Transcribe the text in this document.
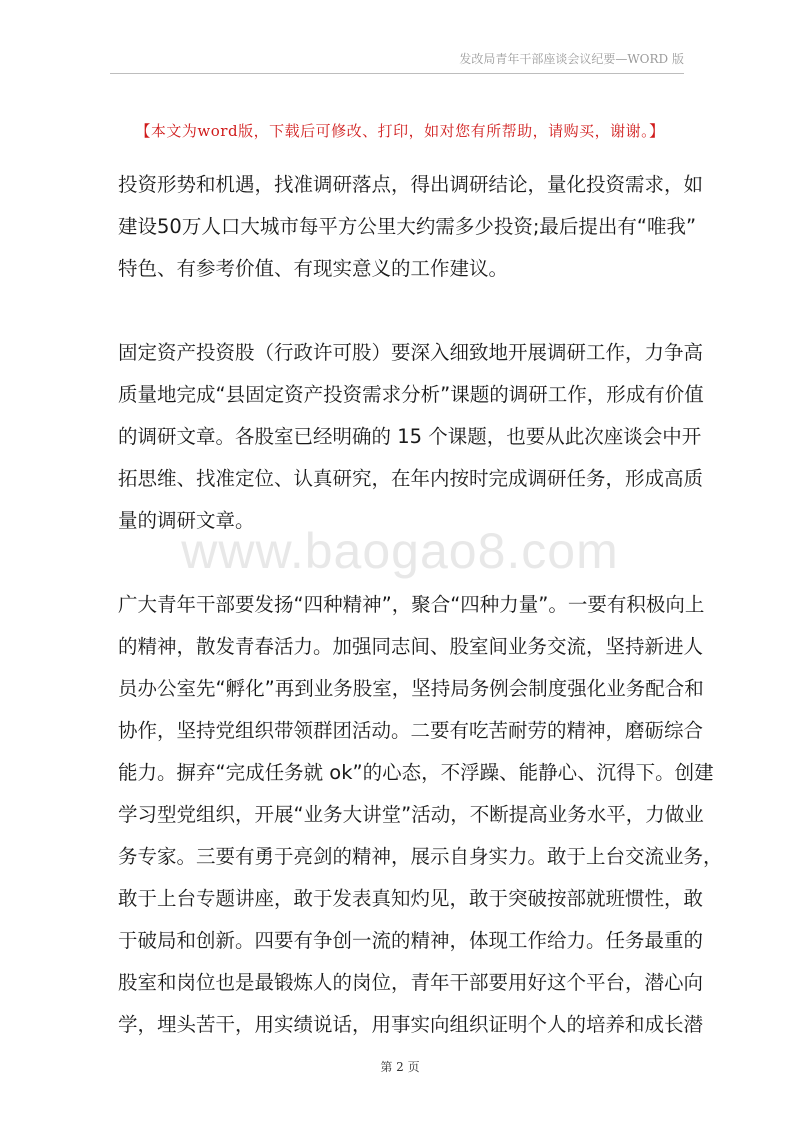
发改局青年干部座谈会议纪要—WORD 版
【本文为word版，下载后可修改、打印，如对您有所帮助，请购买，谢谢。】
www.baogao8.com

投资形势和机遇，找准调研落点，得出调研结论，量化投资需求，如
建设50万人口大城市每平方公里大约需多少投资;最后提出有“唯我”
特色、有参考价值、有现实意义的工作建议。

固定资产投资股（行政许可股）要深入细致地开展调研工作，力争高
质量地完成“县固定资产投资需求分析”课题的调研工作，形成有价值
的调研文章。各股室已经明确的 15 个课题，也要从此次座谈会中开
拓思维、找准定位、认真研究，在年内按时完成调研任务，形成高质
量的调研文章。

广大青年干部要发扬“四种精神”，聚合“四种力量”。一要有积极向上
的精神，散发青春活力。加强同志间、股室间业务交流，坚持新进人
员办公室先“孵化”再到业务股室，坚持局务例会制度强化业务配合和
协作，坚持党组织带领群团活动。二要有吃苦耐劳的精神，磨砺综合
能力。摒弃“完成任务就 ok”的心态，不浮躁、能静心、沉得下。创建
学习型党组织，开展“业务大讲堂”活动，不断提高业务水平，力做业
务专家。三要有勇于亮剑的精神，展示自身实力。敢于上台交流业务，
敢于上台专题讲座，敢于发表真知灼见，敢于突破按部就班惯性，敢
于破局和创新。四要有争创一流的精神，体现工作给力。任务最重的
股室和岗位也是最锻炼人的岗位，青年干部要用好这个平台，潜心向
学，埋头苦干，用实绩说话，用事实向组织证明个人的培养和成长潜

第 2 页
